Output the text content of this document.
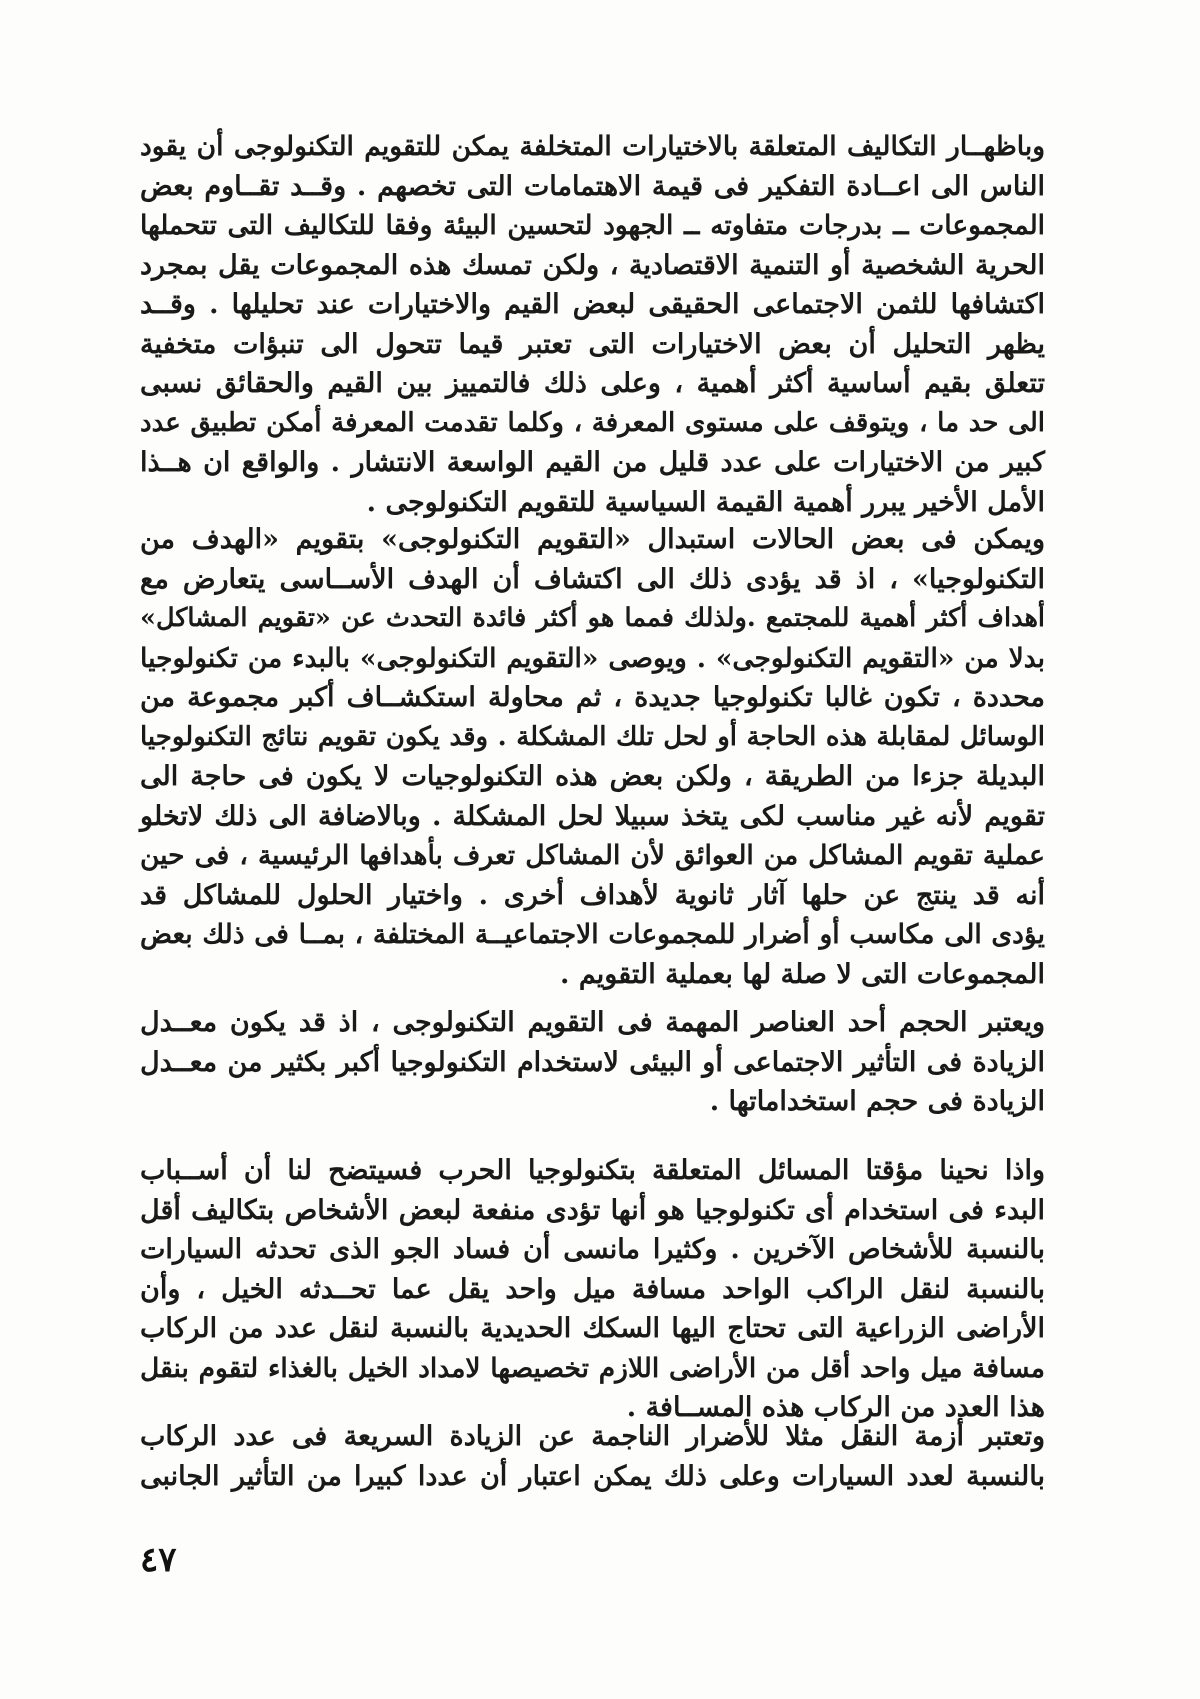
وباظهــار التكاليف المتعلقة بالاختيارات المتخلفة يمكن للتقويم التكنولوجى أن يقود
الناس الى اعــادة التفكير فى قيمة الاهتمامات التى تخصهم . وقــد تقــاوم بعض
المجموعات ــ بدرجات متفاوته ــ الجهود لتحسين البيئة وفقا للتكاليف التى تتحملها
الحرية الشخصية أو التنمية الاقتصادية ، ولكن تمسك هذه المجموعات يقل بمجرد
اكتشافها للثمن الاجتماعى الحقيقى لبعض القيم والاختيارات عند تحليلها . وقــد
يظهر التحليل أن بعض الاختيارات التى تعتبر قيما تتحول الى تنبؤات متخفية
تتعلق بقيم أساسية أكثر أهمية ، وعلى ذلك فالتمييز بين القيم والحقائق نسبى
الى حد ما ، ويتوقف على مستوى المعرفة ، وكلما تقدمت المعرفة أمكن تطبيق عدد
كبير من الاختيارات على عدد قليل من القيم الواسعة الانتشار . والواقع ان هــذا
الأمل الأخير يبرر أهمية القيمة السياسية للتقويم التكنولوجى .
ويمكن فى بعض الحالات استبدال «التقويم التكنولوجى» بتقويم «الهدف من
التكنولوجيا» ، اذ قد يؤدى ذلك الى اكتشاف أن الهدف الأســاسى يتعارض مع
أهداف أكثر أهمية للمجتمع .ولذلك فمما هو أكثر فائدة التحدث عن «تقويم المشاكل»
بدلا من «التقويم التكنولوجى» . ويوصى «التقويم التكنولوجى» بالبدء من تكنولوجيا
محددة ، تكون غالبا تكنولوجيا جديدة ، ثم محاولة استكشــاف أكبر مجموعة من
الوسائل لمقابلة هذه الحاجة أو لحل تلك المشكلة . وقد يكون تقويم نتائج التكنولوجيا
البديلة جزءا من الطريقة ، ولكن بعض هذه التكنولوجيات لا يكون فى حاجة الى
تقويم لأنه غير مناسب لكى يتخذ سبيلا لحل المشكلة . وبالاضافة الى ذلك لاتخلو
عملية تقويم المشاكل من العوائق لأن المشاكل تعرف بأهدافها الرئيسية ، فى حين
أنه قد ينتج عن حلها آثار ثانوية لأهداف أخرى . واختيار الحلول للمشاكل قد
يؤدى الى مكاسب أو أضرار للمجموعات الاجتماعيــة المختلفة ، بمــا فى ذلك بعض
المجموعات التى لا صلة لها بعملية التقويم .
ويعتبر الحجم أحد العناصر المهمة فى التقويم التكنولوجى ، اذ قد يكون معــدل
الزيادة فى التأثير الاجتماعى أو البيئى لاستخدام التكنولوجيا أكبر بكثير من معــدل
الزيادة فى حجم استخداماتها .
واذا نحينا مؤقتا المسائل المتعلقة بتكنولوجيا الحرب فسيتضح لنا أن أســباب
البدء فى استخدام أى تكنولوجيا هو أنها تؤدى منفعة لبعض الأشخاص بتكاليف أقل
بالنسبة للأشخاص الآخرين . وكثيرا مانسى أن فساد الجو الذى تحدثه السيارات
بالنسبة لنقل الراكب الواحد مسافة ميل واحد يقل عما تحــدثه الخيل ، وأن
الأراضى الزراعية التى تحتاج اليها السكك الحديدية بالنسبة لنقل عدد من الركاب
مسافة ميل واحد أقل من الأراضى اللازم تخصيصها لامداد الخيل بالغذاء لتقوم بنقل
هذا العدد من الركاب هذه المســافة .
وتعتبر أزمة النقل مثلا للأضرار الناجمة عن الزيادة السريعة فى عدد الركاب
بالنسبة لعدد السيارات وعلى ذلك يمكن اعتبار أن عددا كبيرا من التأثير الجانبى
٤٧
